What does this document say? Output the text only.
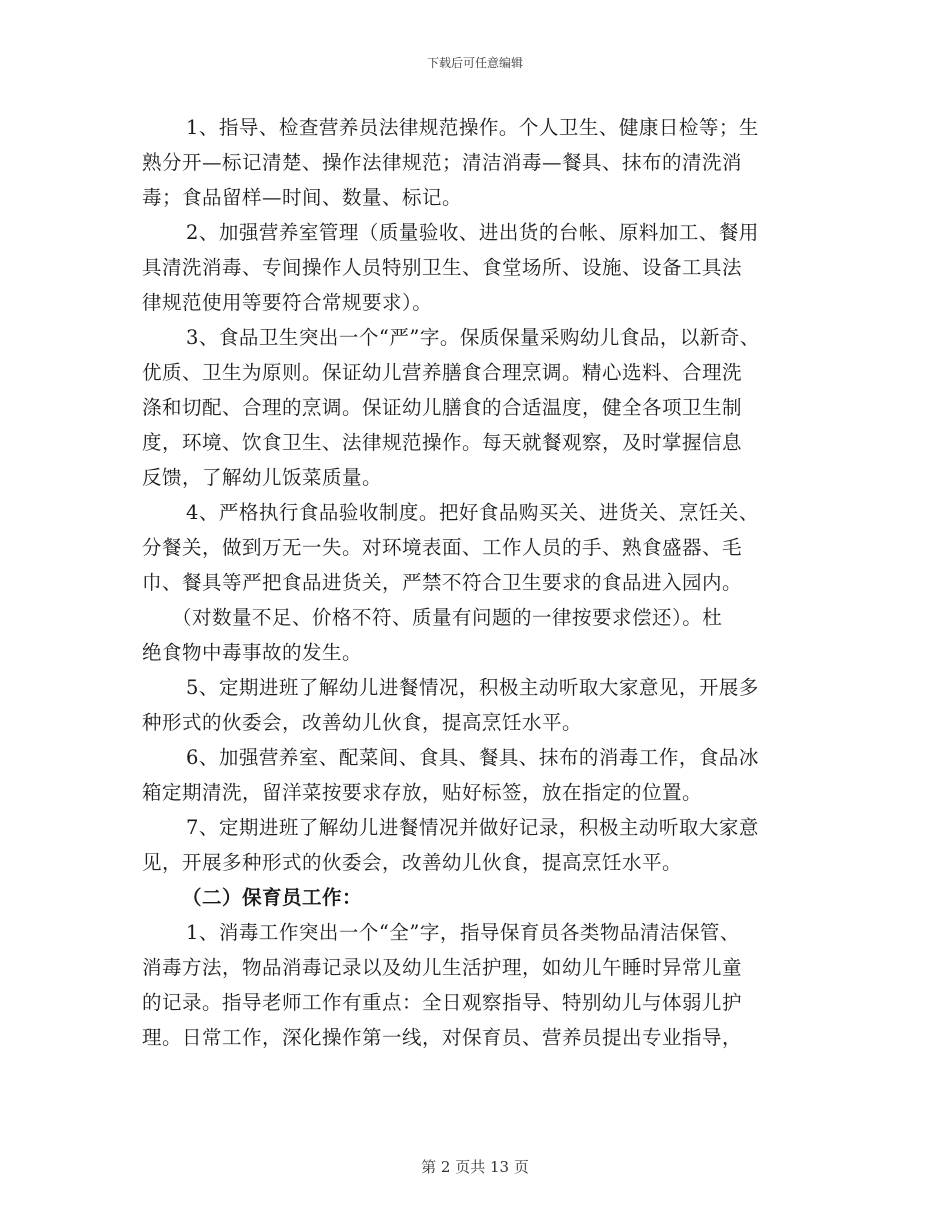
下载后可任意编辑
1、指导、检查营养员法律规范操作。个人卫生、健康日检等；生
熟分开—标记清楚、操作法律规范；清洁消毒—餐具、抹布的清洗消
毒；食品留样—时间、数量、标记。
2、加强营养室管理（质量验收、进出货的台帐、原料加工、餐用
具清洗消毒、专间操作人员特别卫生、食堂场所、设施、设备工具法
律规范使用等要符合常规要求）。
3、食品卫生突出一个“严”字。保质保量采购幼儿食品，以新奇、
优质、卫生为原则。保证幼儿营养膳食合理烹调。精心选料、合理洗
涤和切配、合理的烹调。保证幼儿膳食的合适温度，健全各项卫生制
度，环境、饮食卫生、法律规范操作。每天就餐观察，及时掌握信息
反馈，了解幼儿饭菜质量。
4、严格执行食品验收制度。把好食品购买关、进货关、烹饪关、
分餐关，做到万无一失。对环境表面、工作人员的手、熟食盛器、毛
巾、餐具等严把食品进货关，严禁不符合卫生要求的食品进入园内。
（对数量不足、价格不符、质量有问题的一律按要求偿还）。杜
绝食物中毒事故的发生。
5、定期进班了解幼儿进餐情况，积极主动听取大家意见，开展多
种形式的伙委会，改善幼儿伙食，提高烹饪水平。
6、加强营养室、配菜间、食具、餐具、抹布的消毒工作，食品冰
箱定期清洗，留洋菜按要求存放，贴好标签，放在指定的位置。
7、定期进班了解幼儿进餐情况并做好记录，积极主动听取大家意
见，开展多种形式的伙委会，改善幼儿伙食，提高烹饪水平。
（二）保育员工作：
1、消毒工作突出一个“全”字，指导保育员各类物品清洁保管、
消毒方法，物品消毒记录以及幼儿生活护理，如幼儿午睡时异常儿童
的记录。指导老师工作有重点：全日观察指导、特别幼儿与体弱儿护
理。日常工作，深化操作第一线，对保育员、营养员提出专业指导，
第 2 页共 13 页
